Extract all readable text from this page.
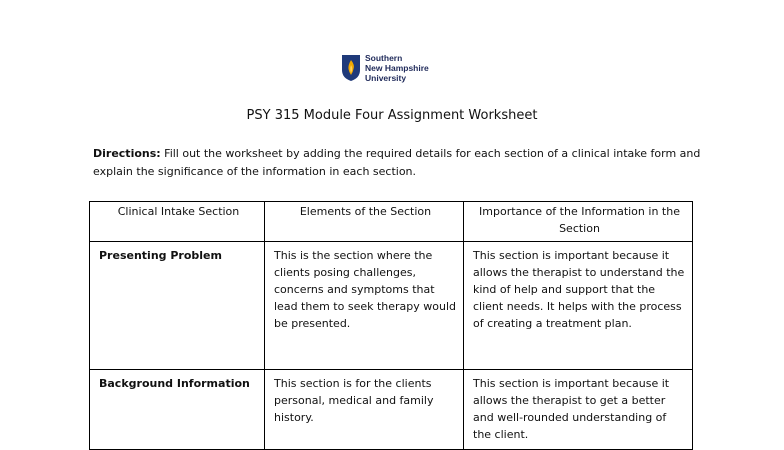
Southern
New Hampshire
University
PSY 315 Module Four Assignment Worksheet
Directions: Fill out the worksheet by adding the required details for each section of a clinical intake form and explain the significance of the information in each section.
Clinical Intake Section	Elements of the Section	Importance of the Information in the Section
Presenting Problem	This is the section where the clients posing challenges, concerns and symptoms that lead them to seek therapy would be presented.	This section is important because it allows the therapist to understand the kind of help and support that the client needs. It helps with the process of creating a treatment plan.
Background Information	This section is for the clients personal, medical and family history.	This section is important because it allows the therapist to get a better and well-rounded understanding of the client.
